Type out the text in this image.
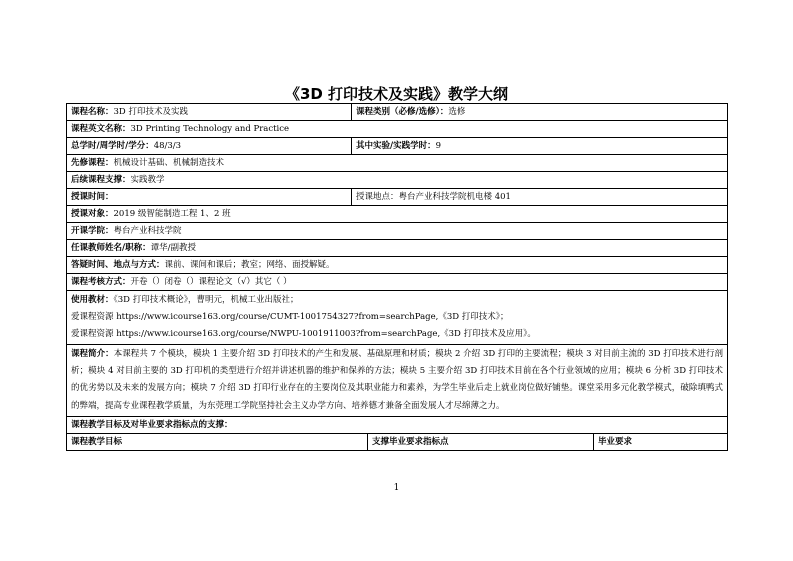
《3D 打印技术及实践》教学大纲
课程名称：3D 打印技术及实践	课程类别（必修/选修）：选修		
课程英文名称：3D Printing Technology and Practice			
总学时/周学时/学分：48/3/3	其中实验/实践学时：9		
先修课程：机械设计基础、机械制造技术			
后续课程支撑：实践教学			
授课时间：	授课地点：粤台产业科技学院机电楼 401		
授课对象：2019 级智能制造工程 1、2 班			
开课学院：粤台产业科技学院			
任课教师姓名/职称：谭华/副教授			
答疑时间、地点与方式：课前、课间和课后；教室；网络、面授解疑。			
课程考核方式：开卷（）闭卷（）课程论文（√）其它（ ）			
使用教材：《3D 打印技术概论》，曹明元，机械工业出版社；
爱课程资源 https://www.icourse163.org/course/CUMT-1001754327?from=searchPage,《3D 打印技术》；
爱课程资源 https://www.icourse163.org/course/NWPU-1001911003?from=searchPage,《3D 打印技术及应用》。			
课程简介：本课程共 7 个模块，模块 1 主要介绍 3D 打印技术的产生和发展、基础原理和材质；模块 2 介绍 3D 打印的主要流程；模块 3 对目前主流的 3D 打印技术进行剖析；模块 4 对目前主要的 3D 打印机的类型进行介绍并讲述机器的维护和保养的方法；模块 5 主要介绍 3D 打印技术目前在各个行业领域的应用；模块 6 分析 3D 打印技术的优劣势以及未来的发展方向；模块 7 介绍 3D 打印行业存在的主要岗位及其职业能力和素养，为学生毕业后走上就业岗位做好铺垫。课堂采用多元化教学模式，破除填鸭式的弊端，提高专业课程教学质量，为东莞理工学院坚持社会主义办学方向、培养德才兼备全面发展人才尽绵薄之力。			
课程教学目标及对毕业要求指标点的支撑：			
课程教学目标		支撑毕业要求指标点	毕业要求
1
